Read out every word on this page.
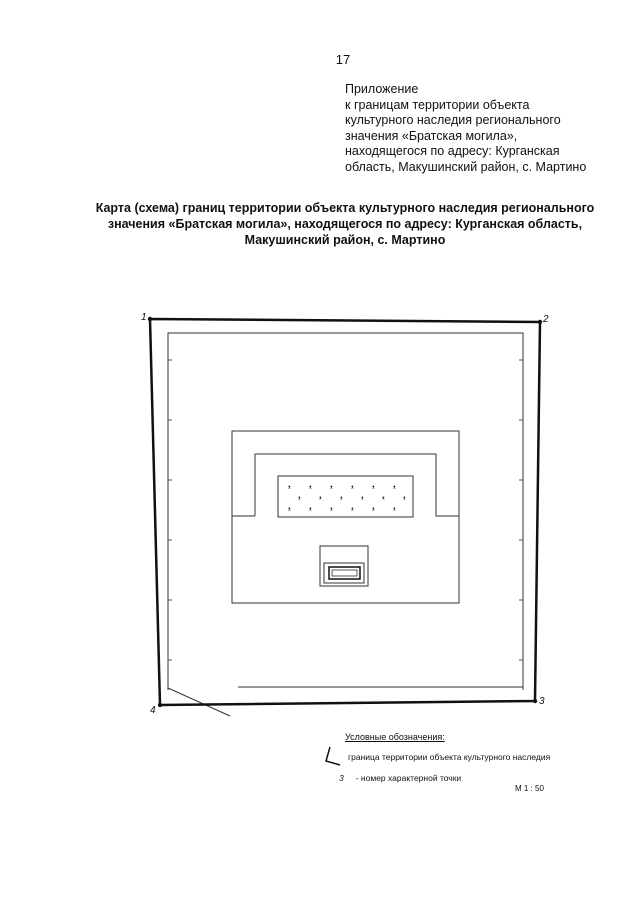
17
Приложение
к границам территории объекта
культурного наследия регионального
значения «Братская могила»,
находящегося по адресу: Курганская
область, Макушинский район, с. Мартино
Карта (схема) границ территории объекта культурного наследия регионального
значения «Братская могила», находящегося по адресу: Курганская область,
Макушинский район, с. Мартино
1	2
3
4
ᵜ	ᵜ	ᵜ	ᵜ	ᵜ	ᵜ
ᵜ	ᵜ	ᵜ	ᵜ	ᵜ	ᵜ
ᵜ	ᵜ	ᵜ	ᵜ	ᵜ	ᵜ
Условные обозначения:
граница территории объекта культурного наследия
3 - номер характерной точки
М 1 : 50
